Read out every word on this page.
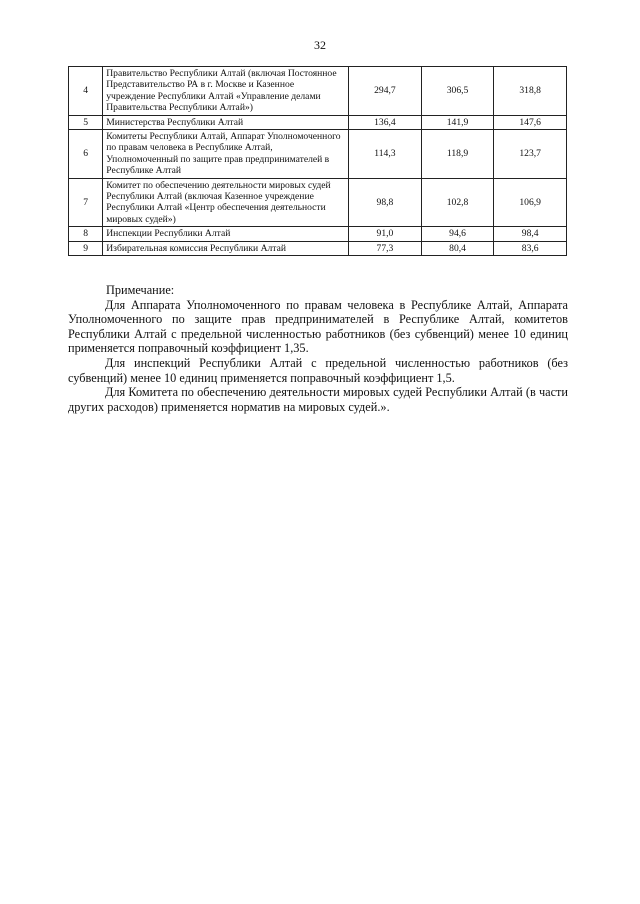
32
4	Правительство Республики Алтай (включая Постоянное Представительство РА в г. Москве и Казенное учреждение Республики Алтай «Управление делами Правительства Республики Алтай»)	294,7	306,5	318,8
5	Министерства Республики Алтай	136,4	141,9	147,6
6	Комитеты Республики Алтай, Аппарат Уполномоченного по правам человека в Республике Алтай, Уполномоченный по защите прав предпринимателей в Республике Алтай	114,3	118,9	123,7
7	Комитет по обеспечению деятельности мировых судей Республики Алтай (включая Казенное учреждение Республики Алтай «Центр обеспечения деятельности мировых судей»)	98,8	102,8	106,9
8	Инспекции Республики Алтай	91,0	94,6	98,4
9	Избирательная комиссия Республики Алтай	77,3	80,4	83,6
Примечание:

Для Аппарата Уполномоченного по правам человека в Республике Алтай, Аппарата Уполномоченного по защите прав предпринимателей в Республике Алтай, комитетов Республики Алтай с предельной численностью работников (без субвенций) менее 10 единиц применяется поправочный коэффициент 1,35.

Для инспекций Республики Алтай с предельной численностью работников (без субвенций) менее 10 единиц применяется поправочный коэффициент 1,5.

Для Комитета по обеспечению деятельности мировых судей Республики Алтай (в части других расходов) применяется норматив на мировых судей.».
